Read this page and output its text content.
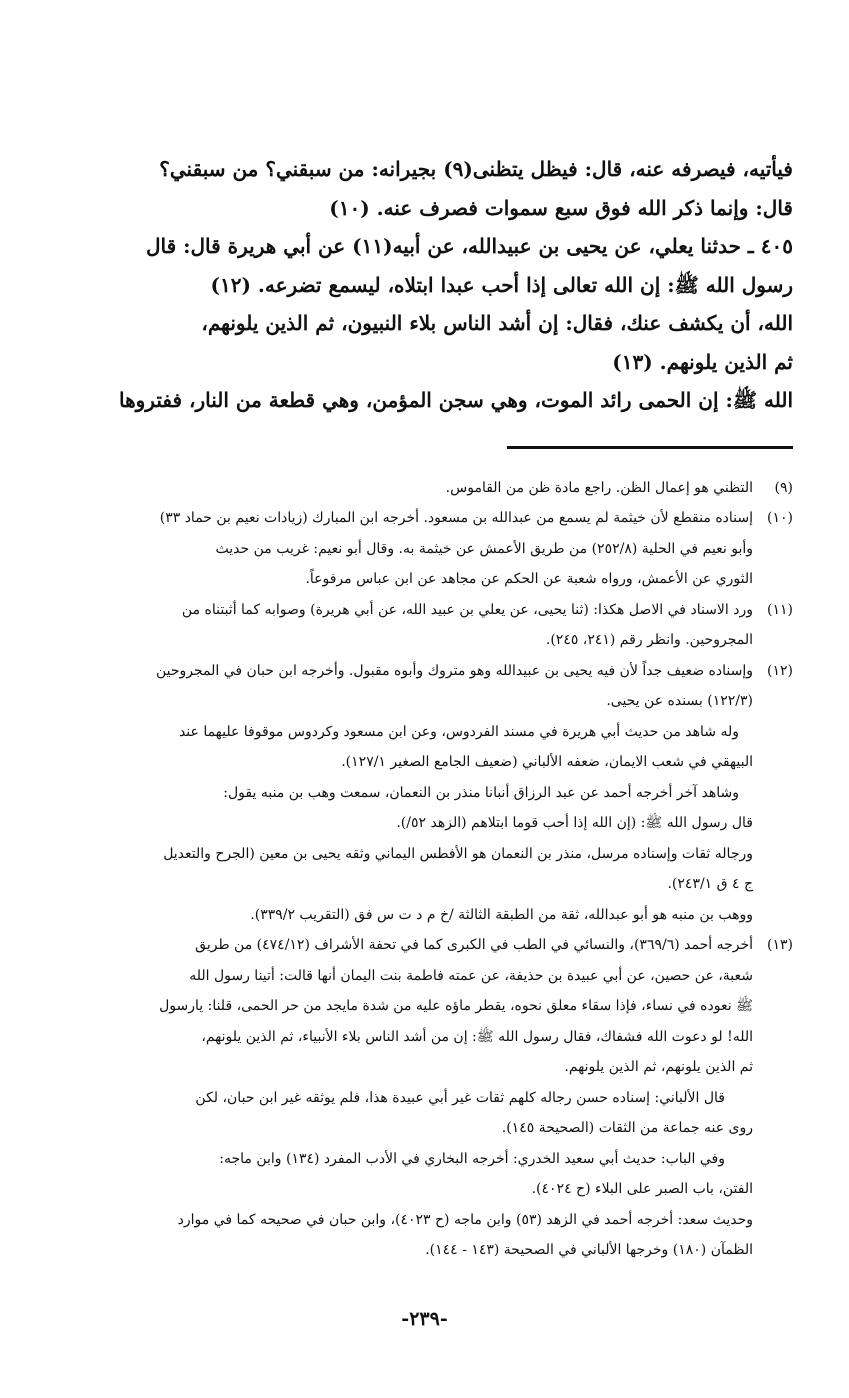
فيأتيه، فيصرفه عنه، قال: فيظل يتظنى(٩) بجيرانه: من سبقني؟ من سبقني؟
قال: وإنما ذكر الله فوق سبع سموات فصرف عنه. (١٠)
٤٠٥ ـ حدثنا يعلي، عن يحيى بن عبيدالله، عن أبيه(١١) عن أبي هريرة قال: قال
رسول الله ﷺ: إن الله تعالى إذا أحب عبدا ابتلاه، ليسمع تضرعه. (١٢)
الله، أن يكشف عنك، فقال: إن أشد الناس بلاء النبيون، ثم الذين يلونهم،
ثم الذين يلونهم. (١٣)
الله ﷺ: إن الحمى رائد الموت، وهي سجن المؤمن، وهي قطعة من النار، ففتروها
(٩)
التظني هو إعمال الظن. راجع مادة ظن من القاموس.
(١٠)
إسناده منقطع لأن خيثمة لم يسمع من عبدالله بن مسعود. أخرجه ابن المبارك (زيادات نعيم بن حماد ٣٣)
وأبو نعيم في الحلية (٢٥٢/٨) من طريق الأعمش عن خيثمة به. وقال أبو نعيم: غريب من حديث
الثوري عن الأعمش، ورواه شعبة عن الحكم عن مجاهد عن ابن عباس مرفوعاً.
(١١)
ورد الاسناد في الاصل هكذا: (ثنا يحيى، عن يعلي بن عبيد الله، عن أبي هريرة) وصوابه كما أثبتناه من
المجروحين. وانظر رقم (٢٤١، ٢٤٥).
(١٢)
وإسناده ضعيف جداً لأن فيه يحيى بن عبيدالله وهو متروك وأبوه مقبول. وأخرجه ابن حبان في المجروحين
(١٢٢/٣) بسنده عن يحيى.
وله شاهد من حديث أبي هريرة في مسند الفردوس، وعن ابن مسعود وكردوس موقوفا عليهما عند
البيهقي في شعب الايمان، ضعفه الألباني (ضعيف الجامع الصغير ١٢٧/١).
وشاهد آخر أخرجه أحمد عن عبد الرزاق أنبانا منذر بن النعمان، سمعت وهب بن منبه يقول:
قال رسول الله ﷺ: (إن الله إذا أحب قوما ابتلاهم (الزهد ٥٢/).
ورجاله ثقات وإسناده مرسل، منذر بن النعمان هو الأفطس اليماني وثقه يحيى بن معين (الجرح والتعديل
ج ٤ ق ٢٤٣/١).
ووهب بن منبه هو أبو عبدالله، ثقة من الطبقة الثالثة /خ م د ت س فق (التقريب ٣٣٩/٢).
(١٣)
أخرجه أحمد (٣٦٩/٦)، والنسائي في الطب في الكبرى كما في تحفة الأشراف (٤٧٤/١٢) من طريق
شعبة، عن حصين، عن أبي عبيدة بن حذيفة، عن عمته فاطمة بنت اليمان أنها قالت: أتينا رسول الله
ﷺ نعوده في نساء، فإذا سقاء معلق نحوه، يقطر ماؤه عليه من شدة مايجد من حر الحمى، قلنا: يارسول
الله! لو دعوت الله فشفاك، فقال رسول الله ﷺ: إن من أشد الناس بلاء الأنبياء، ثم الذين يلونهم،
ثم الذين يلونهم، ثم الذين يلونهم.
قال الألباني: إسناده حسن رجاله كلهم ثقات غير أبي عبيدة هذا، فلم يوثقه غير ابن حبان، لكن
روى عنه جماعة من الثقات (الصحيحة ١٤٥).
وفي الباب: حديث أبي سعيد الخدري: أخرجه البخاري في الأدب المفرد (١٣٤) وابن ماجه:
الفتن، باب الصبر على البلاء (ح ٤٠٢٤).
وحديث سعد: أخرجه أحمد في الزهد (٥٣) وابن ماجه (ح ٤٠٢٣)، وابن حبان في صحيحه كما في موارد
الظمآن (١٨٠) وخرجها الألباني في الصحيحة (١٤٣ - ١٤٤).
-٢٣٩-
